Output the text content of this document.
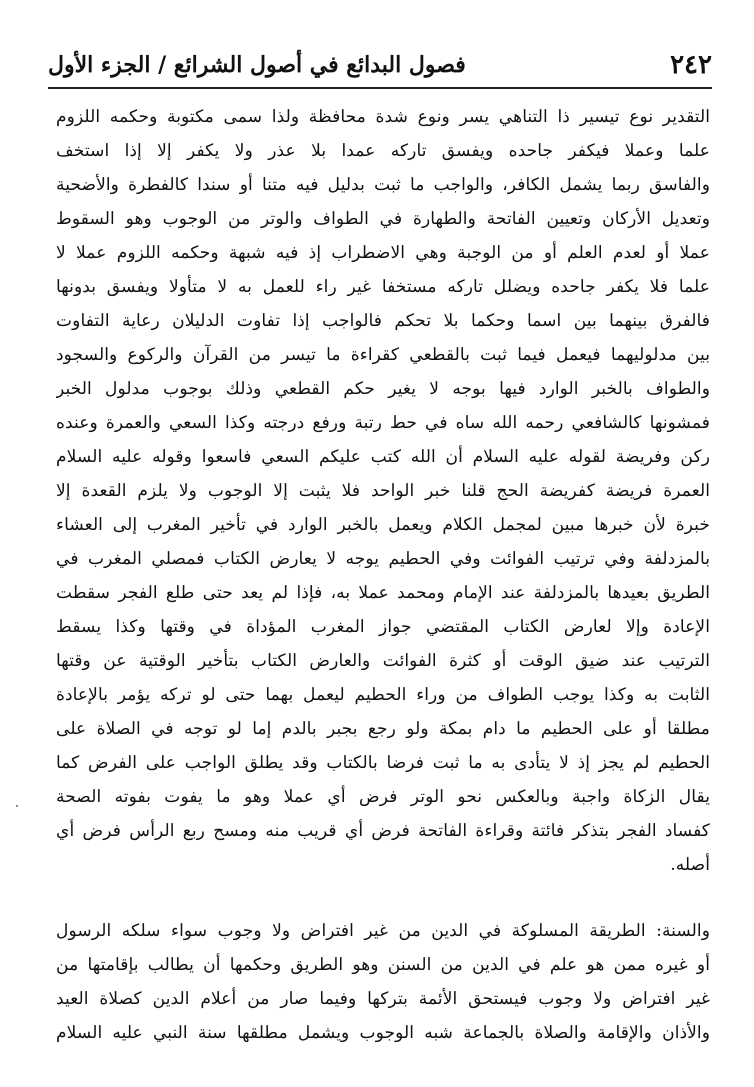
٢٤٢
فصول البدائع في أصول الشرائع / الجزء الأول
التقدير نوع تيسير ذا التناهي يسر ونوع شدة محافظة ولذا سمى مكتوبة وحكمه اللزوم
علما وعملا فيكفر جاحده ويفسق تاركه عمدا بلا عذر ولا يكفر إلا إذا استخف
والفاسق ربما يشمل الكافر، والواجب ما ثبت بدليل فيه متنا أو سندا كالفطرة والأضحية
وتعديل الأركان وتعيين الفاتحة والطهارة في الطواف والوتر من الوجوب وهو السقوط
عملا أو لعدم العلم أو من الوجبة وهي الاضطراب إذ فيه شبهة وحكمه اللزوم عملا لا
علما فلا يكفر جاحده ويضلل تاركه مستخفا غير راء للعمل به لا متأولا ويفسق بدونها
فالفرق بينهما بين اسما وحكما بلا تحكم فالواجب إذا تفاوت الدليلان رعاية التفاوت
بين مدلوليهما فيعمل فيما ثبت بالقطعي كقراءة ما تيسر من القرآن والركوع والسجود
والطواف بالخبر الوارد فيها بوجه لا يغير حكم القطعي وذلك بوجوب مدلول الخبر
فمشونها كالشافعي رحمه الله ساه في حط رتبة ورفع درجته وكذا السعي والعمرة وعنده
ركن وفريضة لقوله عليه السلام أن الله كتب عليكم السعي فاسعوا وقوله عليه السلام
العمرة فريضة كفريضة الحج قلنا خبر الواحد فلا يثبت إلا الوجوب ولا يلزم القعدة إلا
خبرة لأن خبرها مبين لمجمل الكلام ويعمل بالخبر الوارد في تأخير المغرب إلى العشاء
بالمزدلفة وفي ترتيب الفوائت وفي الحطيم يوجه لا يعارض الكتاب فمصلي المغرب في
الطريق بعيدها بالمزدلفة عند الإمام ومحمد عملا به، فإذا لم يعد حتى طلع الفجر سقطت
الإعادة وإلا لعارض الكتاب المقتضي جواز المغرب المؤداة في وقتها وكذا يسقط
الترتيب عند ضيق الوقت أو كثرة الفوائت والعارض الكتاب بتأخير الوقتية عن وقتها
الثابت به وكذا يوجب الطواف من وراء الحطيم ليعمل بهما حتى لو تركه يؤمر بالإعادة
مطلقا أو على الحطيم ما دام بمكة ولو رجع بجبر بالدم إما لو توجه في الصلاة على
الحطيم لم يجز إذ لا يتأدى به ما ثبت فرضا بالكتاب وقد يطلق الواجب على الفرض كما
يقال الزكاة واجبة وبالعكس نحو الوتر فرض أي عملا وهو ما يفوت بفوته الصحة
كفساد الفجر بتذكر فائتة وقراءة الفاتحة فرض أي قريب منه ومسح ربع الرأس فرض أي
أصله.
والسنة: الطريقة المسلوكة في الدين من غير افتراض ولا وجوب سواء سلكه الرسول
أو غيره ممن هو علم في الدين من السنن وهو الطريق وحكمها أن يطالب بإقامتها من
غير افتراض ولا وجوب فيستحق الأئمة بتركها وفيما صار من أعلام الدين كصلاة العيد
والأذان والإقامة والصلاة بالجماعة شبه الوجوب ويشمل مطلقها سنة النبي عليه السلام
